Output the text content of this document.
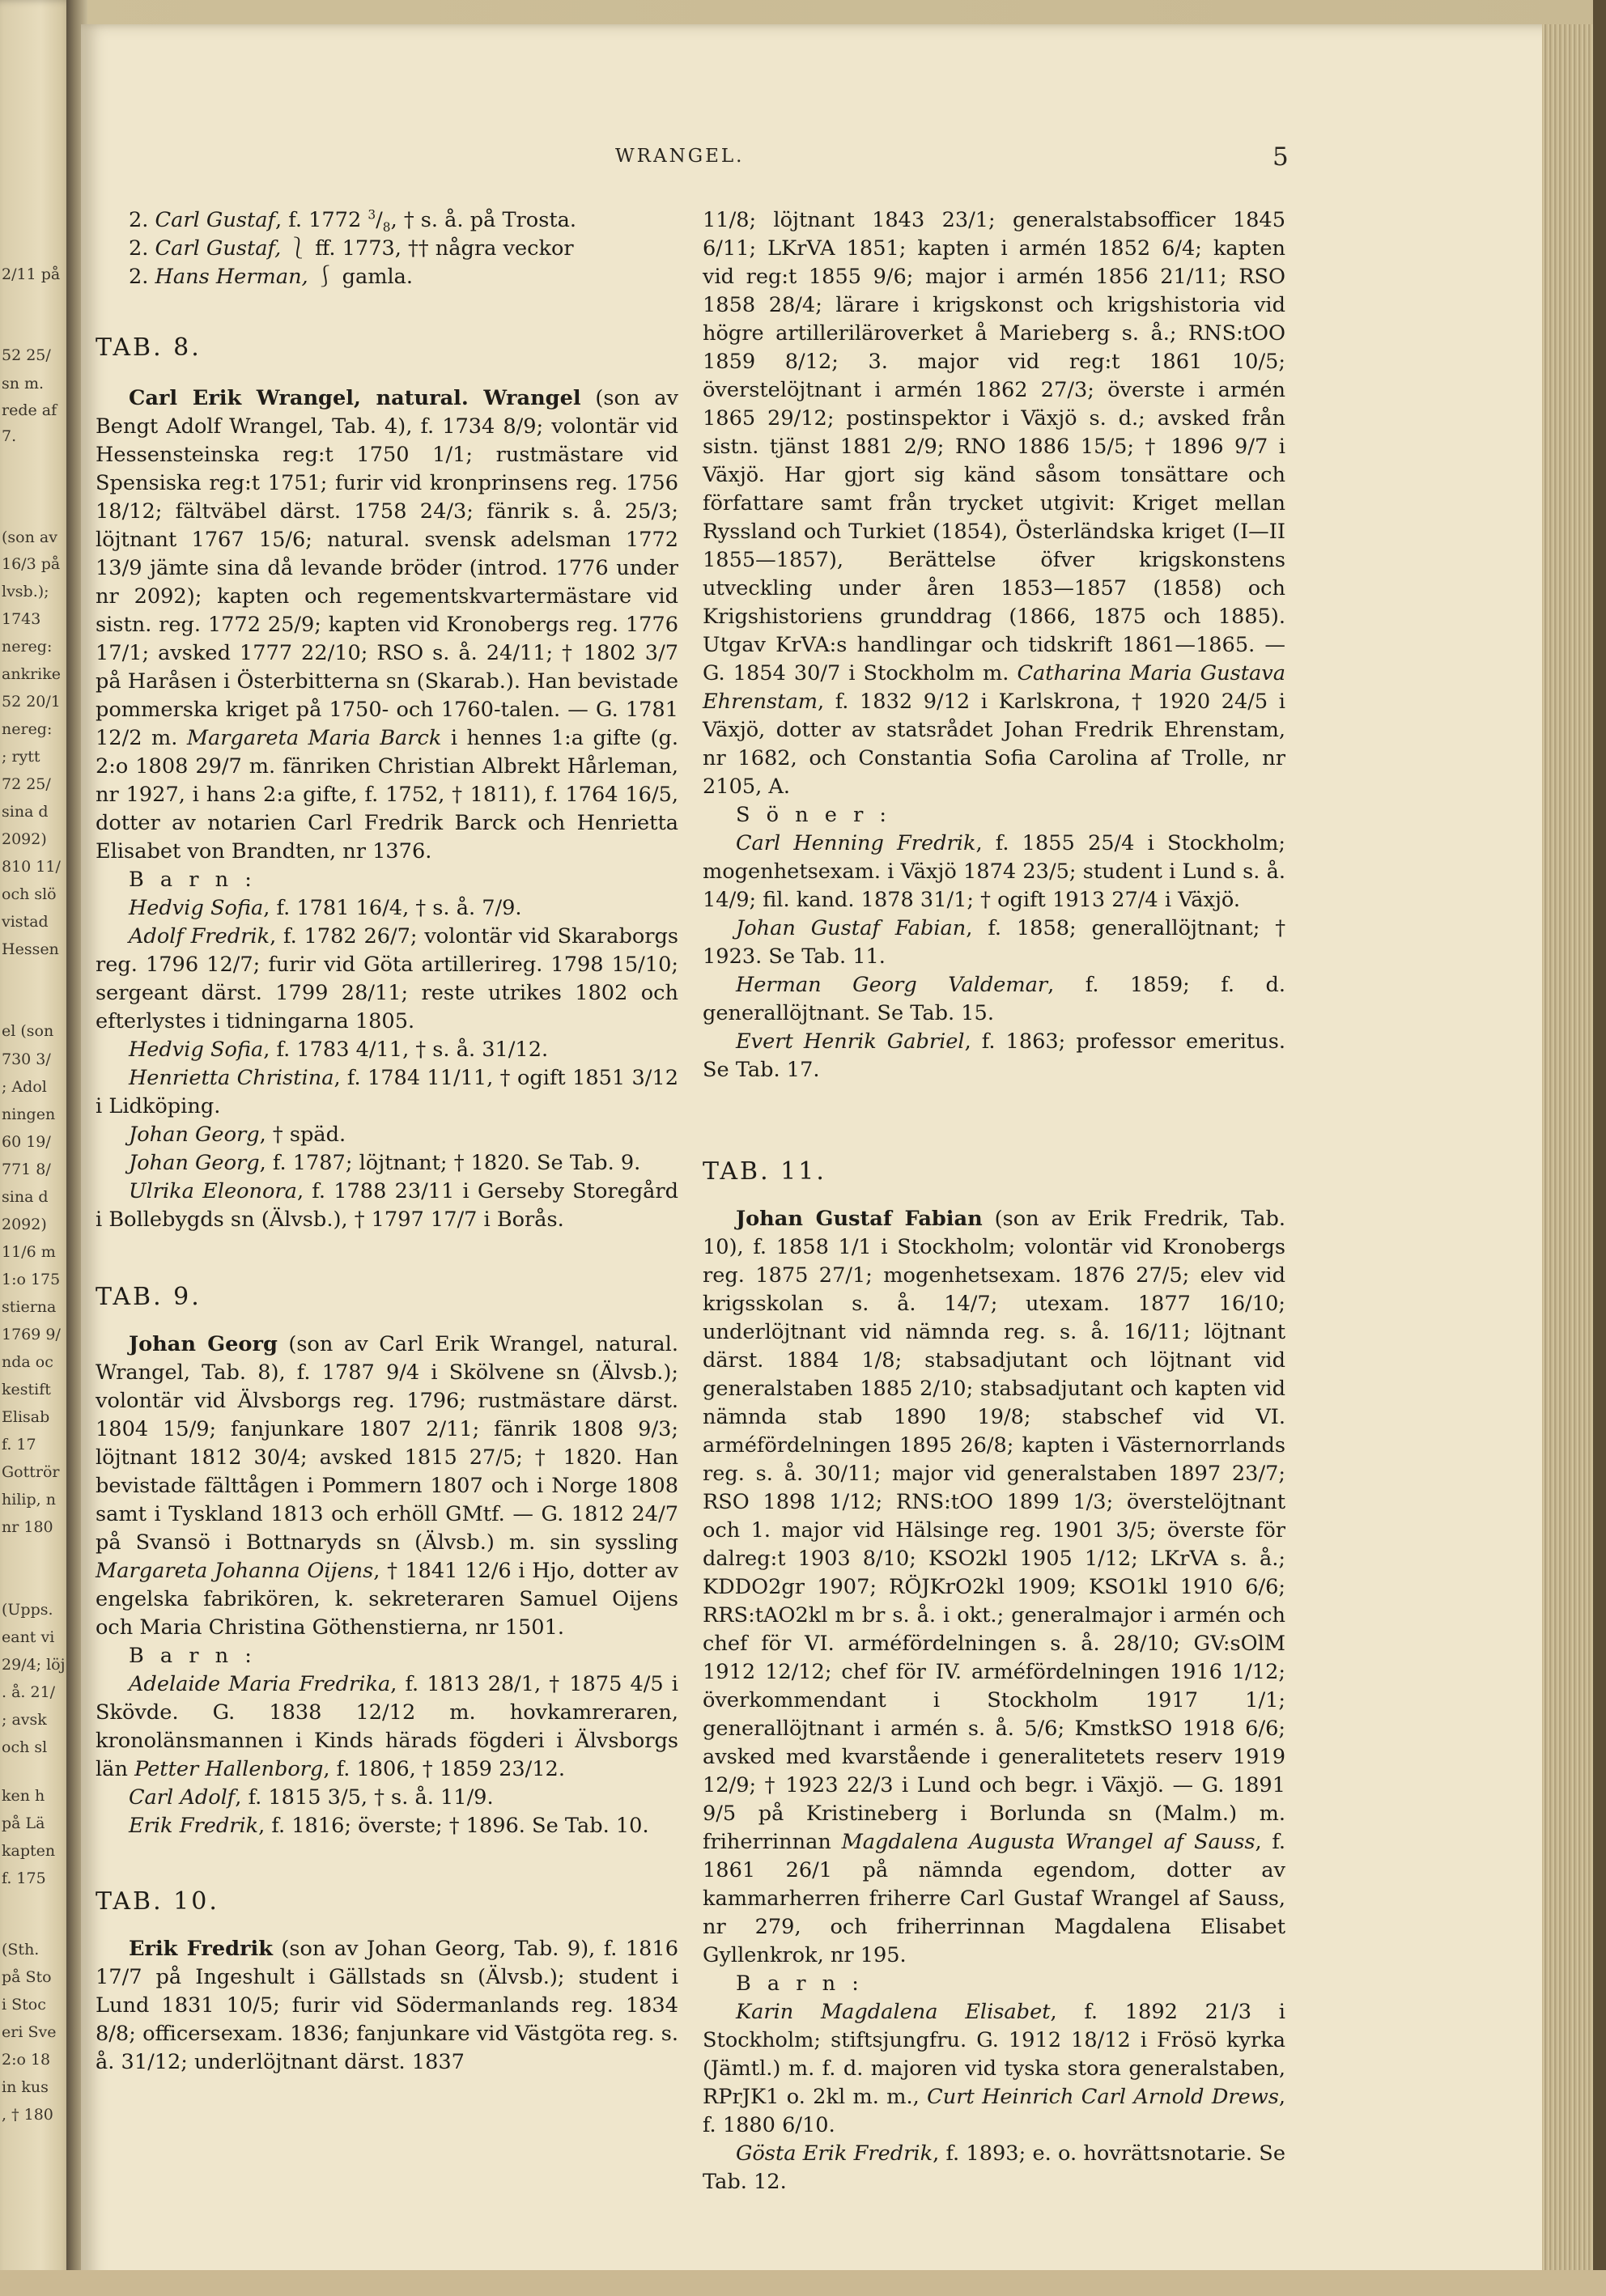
2/11 på
52 25/
sn m.
rede af
7.
(son av
16/3 på
lvsb.);
1743
nereg:
ankrike
52 20/1
nereg:
; rytt
72 25/
sina d
2092)
810 11/
och slö
vistad
Hessen
el (son
730 3/
; Adol
ningen
60 19/
771 8/
sina d
2092)
11/6 m
1:o 175
stierna
1769 9/
nda oc
kestift
Elisab
f. 17
Gottrör
hilip, n
nr 180
(Upps.
eant vi
29/4; löj
. å. 21/
; avsk
och sl
ken h
på Lä
kapten
f. 175
(Sth.
på Sto
i Stoc
eri Sve
2:o 18
in kus
, † 180
WRANGEL.	5

2. Carl Gustaf, f. 1772 $^3/_8$, † s. å. på Trosta.

2. Carl Gustaf, ⎱ ff. 1773, †† några veckor

2. Hans Herman, ⎰ gamla.

TAB. 8.

Carl Erik Wrangel, natural. Wrangel (son av Bengt Adolf Wrangel, Tab. 4), f. 1734 8/9; volontär vid Hessensteinska reg:t 1750 1/1; rustmästare vid Spensiska reg:t 1751; furir vid kronprinsens reg. 1756 18/12; fältväbel därst. 1758 24/3; fänrik s. å. 25/3; löjtnant 1767 15/6; natural. svensk adelsman 1772 13/9 jämte sina då levande bröder (introd. 1776 under nr 2092); kapten och regementskvartermästare vid sistn. reg. 1772 25/9; kapten vid Kronobergs reg. 1776 17/1; avsked 1777 22/10; RSO s. å. 24/11; † 1802 3/7 på Haråsen i Österbitterna sn (Skarab.). Han bevistade pommerska kriget på 1750- och 1760-talen. — G. 1781 12/2 m. Margareta Maria Barck i hennes 1:a gifte (g. 2:o 1808 29/7 m. fänriken Christian Albrekt Hårleman, nr 1927, i hans 2:a gifte, f. 1752, † 1811), f. 1764 16/5, dotter av notarien Carl Fredrik Barck och Henrietta Elisabet von Brandten, nr 1376.

B a r n :

Hedvig Sofia, f. 1781 16/4, † s. å. 7/9.

Adolf Fredrik, f. 1782 26/7; volontär vid Skaraborgs reg. 1796 12/7; furir vid Göta artillerireg. 1798 15/10; sergeant därst. 1799 28/11; reste utrikes 1802 och efterlystes i tidningarna 1805.

Hedvig Sofia, f. 1783 4/11, † s. å. 31/12.

Henrietta Christina, f. 1784 11/11, † ogift 1851 3/12 i Lidköping.

Johan Georg, † späd.

Johan Georg, f. 1787; löjtnant; † 1820. Se Tab. 9.

Ulrika Eleonora, f. 1788 23/11 i Gerseby Storegård i Bollebygds sn (Älvsb.), † 1797 17/7 i Borås.

TAB. 9.

Johan Georg (son av Carl Erik Wrangel, natural. Wrangel, Tab. 8), f. 1787 9/4 i Skölvene sn (Älvsb.); volontär vid Älvsborgs reg. 1796; rustmästare därst. 1804 15/9; fanjunkare 1807 2/11; fänrik 1808 9/3; löjtnant 1812 30/4; avsked 1815 27/5; † 1820. Han bevistade fälttågen i Pommern 1807 och i Norge 1808 samt i Tyskland 1813 och erhöll GMtf. — G. 1812 24/7 på Svansö i Bottnaryds sn (Älvsb.) m. sin syssling Margareta Johanna Oijens, † 1841 12/6 i Hjo, dotter av engelska fabrikören, k. sekreteraren Samuel Oijens och Maria Christina Göthenstierna, nr 1501.

B a r n :

Adelaide Maria Fredrika, f. 1813 28/1, † 1875 4/5 i Skövde. G. 1838 12/12 m. hovkamreraren, kronolänsmannen i Kinds härads fögderi i Älvsborgs län Petter Hallenborg, f. 1806, † 1859 23/12.

Carl Adolf, f. 1815 3/5, † s. å. 11/9.

Erik Fredrik, f. 1816; överste; † 1896. Se Tab. 10.

TAB. 10.

Erik Fredrik (son av Johan Georg, Tab. 9), f. 1816 17/7 på Ingeshult i Gällstads sn (Älvsb.); student i Lund 1831 10/5; furir vid Södermanlands reg. 1834 8/8; officersexam. 1836; fanjunkare vid Västgöta reg. s. å. 31/12; underlöjtnant därst. 1837

11/8; löjtnant 1843 23/1; generalstabsofficer 1845 6/11; LKrVA 1851; kapten i armén 1852 6/4; kapten vid reg:t 1855 9/6; major i armén 1856 21/11; RSO 1858 28/4; lärare i krigskonst och krigshistoria vid högre artilleriläroverket å Marieberg s. å.; RNS:tOO 1859 8/12; 3. major vid reg:t 1861 10/5; överstelöjtnant i armén 1862 27/3; överste i armén 1865 29/12; postinspektor i Växjö s. d.; avsked från sistn. tjänst 1881 2/9; RNO 1886 15/5; † 1896 9/7 i Växjö. Har gjort sig känd såsom tonsättare och författare samt från trycket utgivit: Kriget mellan Ryssland och Turkiet (1854), Österländska kriget (I—II 1855—1857), Berättelse öfver krigskonstens utveckling under åren 1853—1857 (1858) och Krigshistoriens grunddrag (1866, 1875 och 1885). Utgav KrVA:s handlingar och tidskrift 1861—1865. — G. 1854 30/7 i Stockholm m. Catharina Maria Gustava Ehrenstam, f. 1832 9/12 i Karlskrona, † 1920 24/5 i Växjö, dotter av statsrådet Johan Fredrik Ehrenstam, nr 1682, och Constantia Sofia Carolina af Trolle, nr 2105, A.

S ö n e r :

Carl Henning Fredrik, f. 1855 25/4 i Stockholm; mogenhetsexam. i Växjö 1874 23/5; student i Lund s. å. 14/9; fil. kand. 1878 31/1; † ogift 1913 27/4 i Växjö.

Johan Gustaf Fabian, f. 1858; generallöjtnant; † 1923. Se Tab. 11.

Herman Georg Valdemar, f. 1859; f. d. generallöjtnant. Se Tab. 15.

Evert Henrik Gabriel, f. 1863; professor emeritus. Se Tab. 17.

TAB. 11.

Johan Gustaf Fabian (son av Erik Fredrik, Tab. 10), f. 1858 1/1 i Stockholm; volontär vid Kronobergs reg. 1875 27/1; mogenhetsexam. 1876 27/5; elev vid krigsskolan s. å. 14/7; utexam. 1877 16/10; underlöjtnant vid nämnda reg. s. å. 16/11; löjtnant därst. 1884 1/8; stabsadjutant och löjtnant vid generalstaben 1885 2/10; stabsadjutant och kapten vid nämnda stab 1890 19/8; stabschef vid VI. arméfördelningen 1895 26/8; kapten i Västernorrlands reg. s. å. 30/11; major vid generalstaben 1897 23/7; RSO 1898 1/12; RNS:tOO 1899 1/3; överstelöjtnant och 1. major vid Hälsinge reg. 1901 3/5; överste för dalreg:t 1903 8/10; KSO2kl 1905 1/12; LKrVA s. å.; KDDO2gr 1907; RÖJKrO2kl 1909; KSO1kl 1910 6/6; RRS:tAO2kl m br s. å. i okt.; generalmajor i armén och chef för VI. arméfördelningen s. å. 28/10; GV:sOlM 1912 12/12; chef för IV. arméfördelningen 1916 1/12; överkommendant i Stockholm 1917 1/1; generallöjtnant i armén s. å. 5/6; KmstkSO 1918 6/6; avsked med kvarstående i generalitetets reserv 1919 12/9; † 1923 22/3 i Lund och begr. i Växjö. — G. 1891 9/5 på Kristineberg i Borlunda sn (Malm.) m. friherrinnan Magdalena Augusta Wrangel af Sauss, f. 1861 26/1 på nämnda egendom, dotter av kammarherren friherre Carl Gustaf Wrangel af Sauss, nr 279, och friherrinnan Magdalena Elisabet Gyllenkrok, nr 195.

B a r n :

Karin Magdalena Elisabet, f. 1892 21/3 i Stockholm; stiftsjungfru. G. 1912 18/12 i Frösö kyrka (Jämtl.) m. f. d. majoren vid tyska stora generalstaben, RPrJK1 o. 2kl m. m., Curt Heinrich Carl Arnold Drews, f. 1880 6/10.

Gösta Erik Fredrik, f. 1893; e. o. hovrättsnotarie. Se Tab. 12.
